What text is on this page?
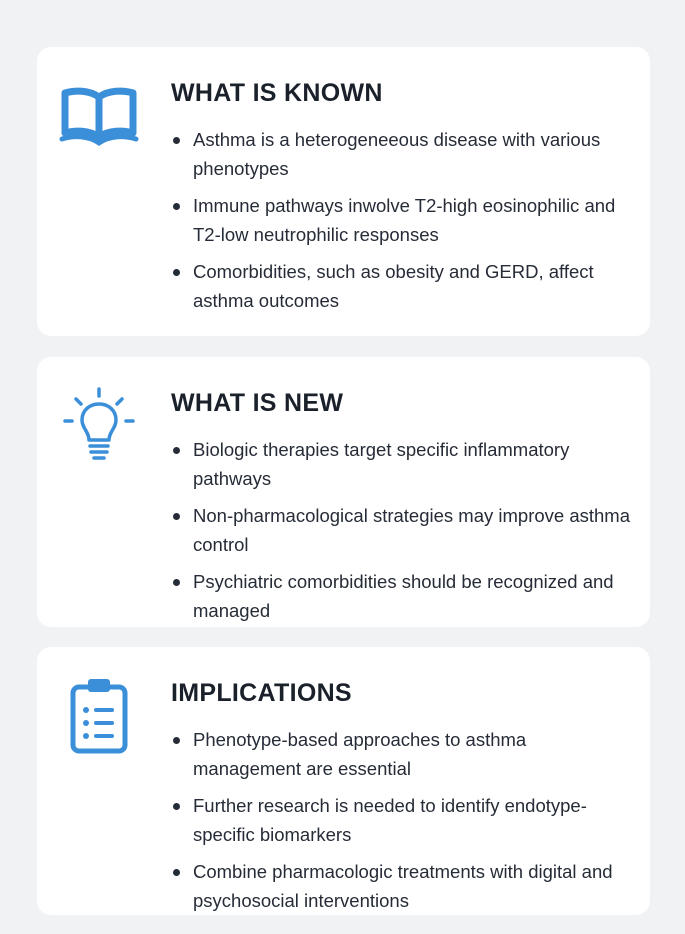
WHAT IS KNOWN
Asthma is a heterogeneeous disease with various phenotypes
Immune pathways inwolve T2-high eosinophilic and T2-low neutrophilic responses
Comorbidities, such as obesity and GERD, affect asthma outcomes
WHAT IS NEW
Biologic therapies target specific inflammatory pathways
Non-pharmacological strategies may improve asthma control
Psychiatric comorbidities should be recognized and managed
IMPLICATIONS
Phenotype-based approaches to asthma management are essential
Further research is needed to identify endotype-specific biomarkers
Combine pharmacologic treatments with digital and psychosocial interventions
